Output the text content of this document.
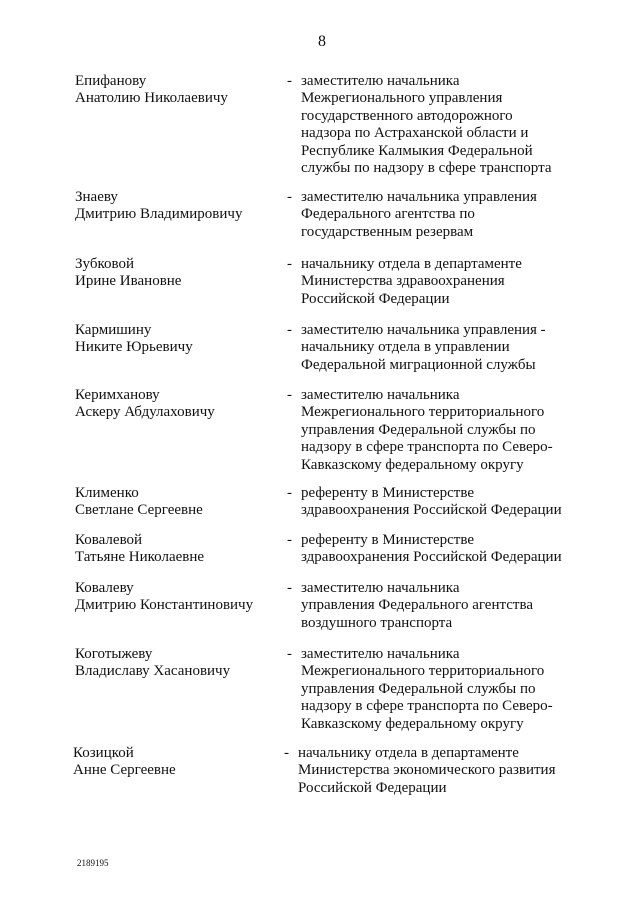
8
Епифанову
Анатолию Николаевичу
- заместителю начальника
Межрегионального управления
государственного автодорожного
надзора по Астраханской области и
Республике Калмыкия Федеральной
службы по надзору в сфере транспорта
Знаеву
Дмитрию Владимировичу
- заместителю начальника управления
Федерального агентства по
государственным резервам
Зубковой
Ирине Ивановне
- начальнику отдела в департаменте
Министерства здравоохранения
Российской Федерации
Кармишину
Никите Юрьевичу
- заместителю начальника управления -
начальнику отдела в управлении
Федеральной миграционной службы
Керимханову
Аскеру Абдулаховичу
- заместителю начальника
Межрегионального территориального
управления Федеральной службы по
надзору в сфере транспорта по Северо-
Кавказскому федеральному округу
Клименко
Светлане Сергеевне
- референту в Министерстве
здравоохранения Российской Федерации
Ковалевой
Татьяне Николаевне
- референту в Министерстве
здравоохранения Российской Федерации
Ковалеву
Дмитрию Константиновичу
- заместителю начальника
управления Федерального агентства
воздушного транспорта
Коготыжеву
Владиславу Хасановичу
- заместителю начальника
Межрегионального территориального
управления Федеральной службы по
надзору в сфере транспорта по Северо-
Кавказскому федеральному округу
Козицкой
Анне Сергеевне
- начальнику отдела в департаменте
Министерства экономического развития
Российской Федерации
2189195
